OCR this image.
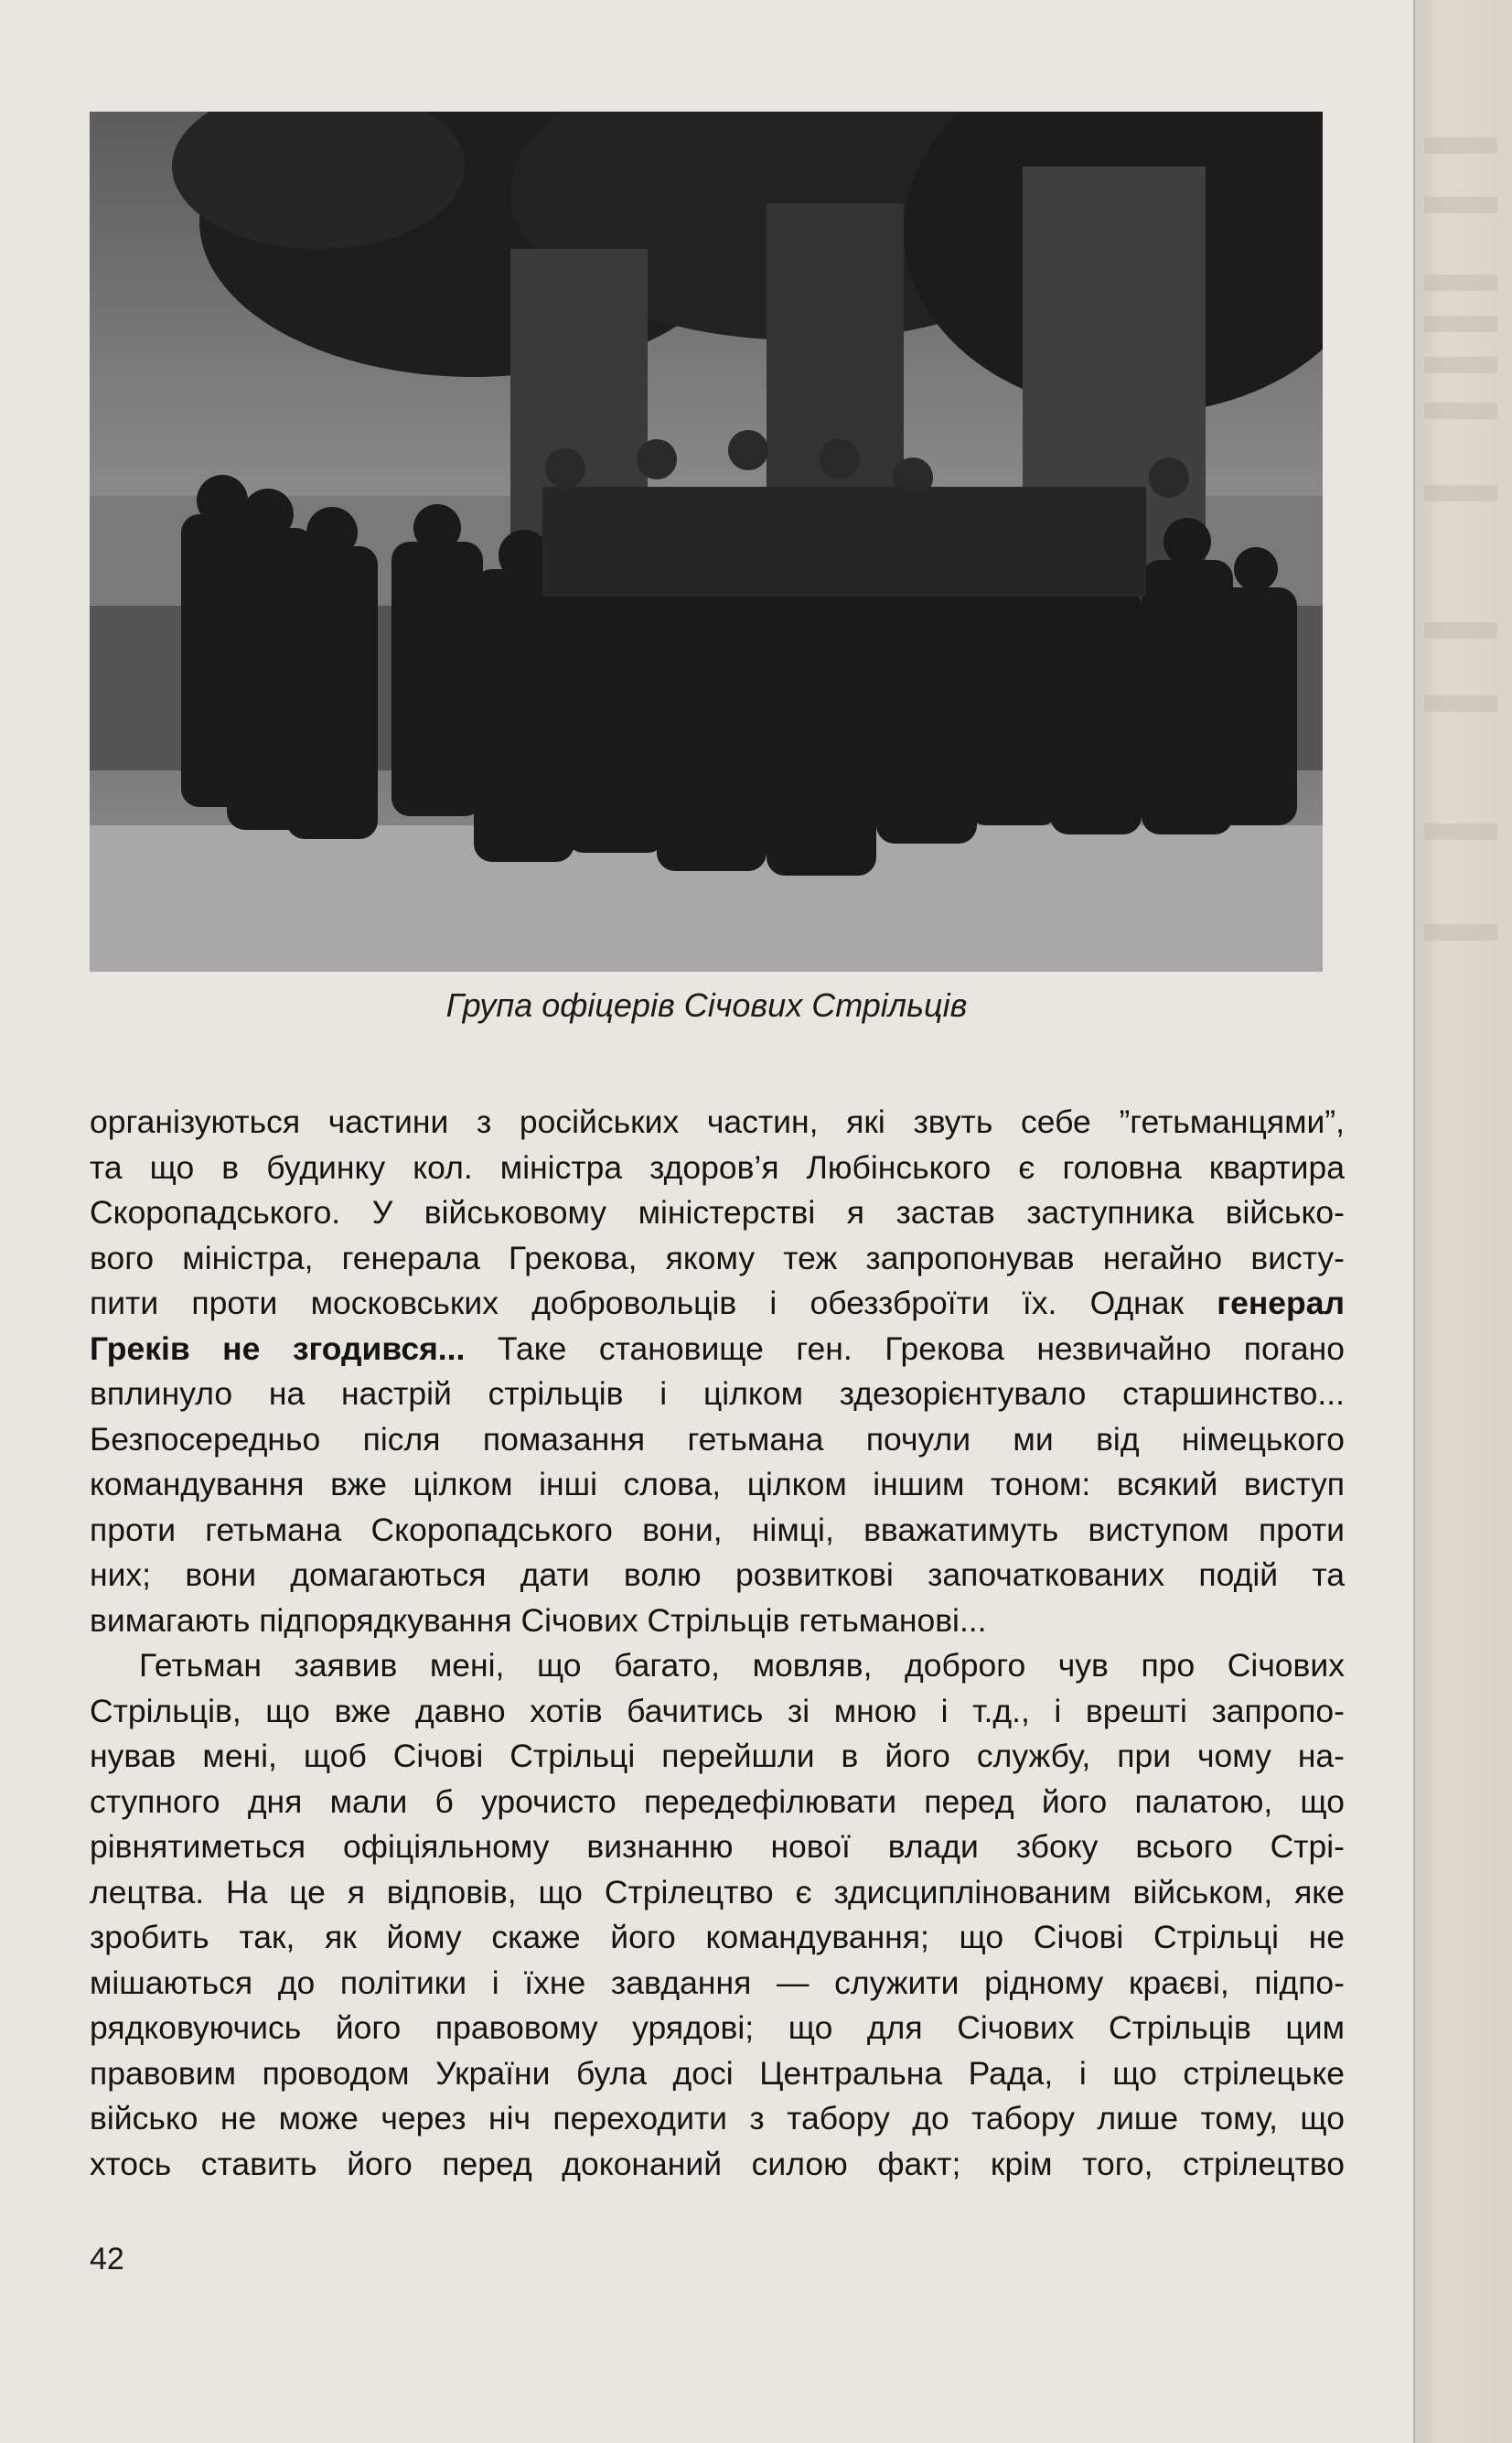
Група офіцерів Січових Стрільців
організуються частини з російських частин, які звуть себе ”гетьманцями”,
та що в будинку кол. міністра здоров’я Любінського є головна квартира
Скоропадського. У військовому міністерстві я застав заступника військо-
вого міністра, генерала Грекова, якому теж запропонував негайно висту-
пити проти московських добровольців і обеззброїти їх. Однак генерал
Греків не згодився... Таке становище ген. Грекова незвичайно погано
вплинуло на настрій стрільців і цілком здезорієнтувало старшинство...
Безпосередньо після помазання гетьмана почули ми від німецького
командування вже цілком інші слова, цілком іншим тоном: всякий виступ
проти гетьмана Скоропадського вони, німці, вважатимуть виступом проти
них; вони домагаються дати волю розвиткові започаткованих подій та
вимагають підпорядкування Січових Стрільців гетьманові...
Гетьман заявив мені, що багато, мовляв, доброго чув про Січових
Стрільців, що вже давно хотів бачитись зі мною і т.д., і врешті запропо-
нував мені, щоб Січові Стрільці перейшли в його службу, при чому на-
ступного дня мали б урочисто передефілювати перед його палатою, що
рівнятиметься офіціяльному визнанню нової влади збоку всього Стрі-
лецтва. На це я відповів, що Стрілецтво є здисциплінованим військом, яке
зробить так, як йому скаже його командування; що Січові Стрільці не
мішаються до політики і їхне завдання — служити рідному краєві, підпо-
рядковуючись його правовому урядові; що для Січових Стрільців цим
правовим проводом України була досі Центральна Рада, і що стрілецьке
військо не може через ніч переходити з табору до табору лише тому, що
хтось ставить його перед доконаний силою факт; крім того, стрілецтво
42
